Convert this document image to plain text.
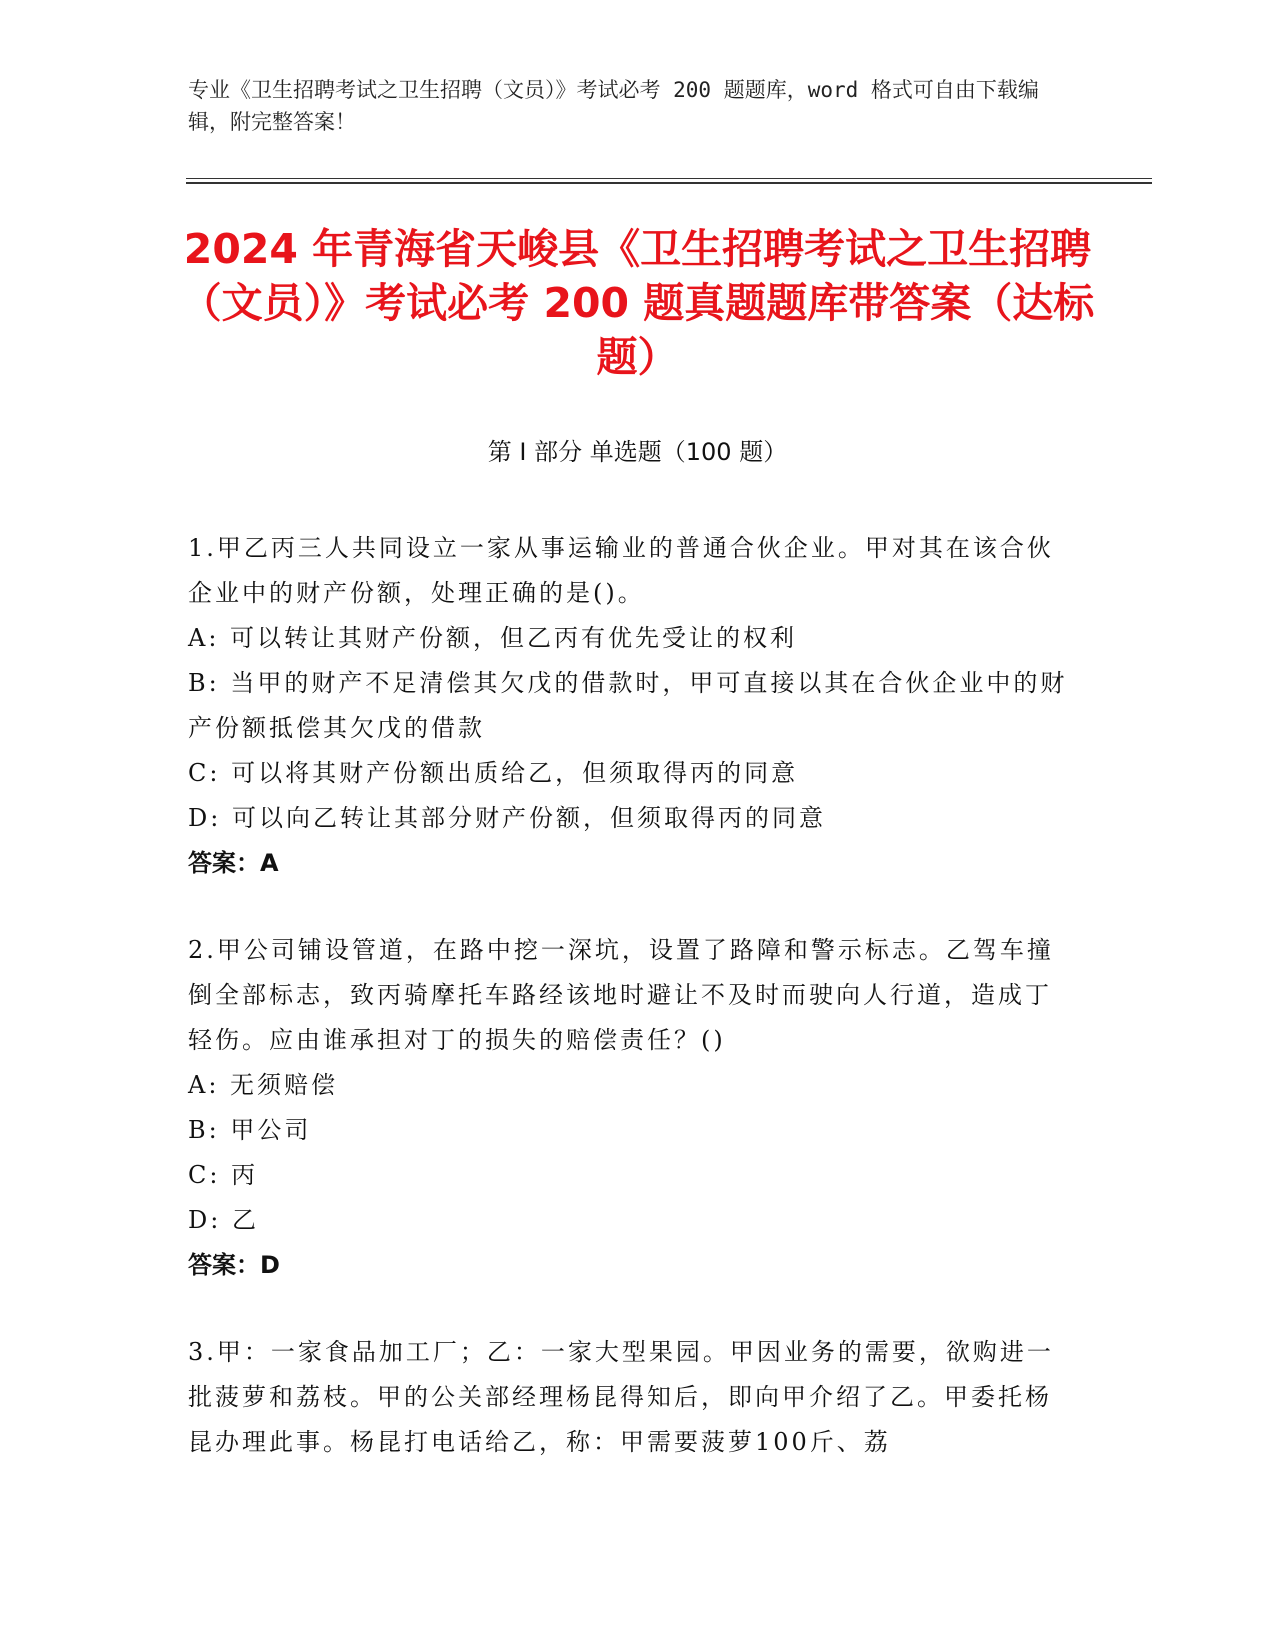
专业《卫生招聘考试之卫生招聘（文员）》考试必考 200 题题库，word 格式可自由下载编辑，附完整答案！
2024 年青海省天峻县《卫生招聘考试之卫生招聘（文员）》考试必考 200 题真题题库带答案（达标题）
第 I 部分 单选题（100 题）
1.甲乙丙三人共同设立一家从事运输业的普通合伙企业。甲对其在该合伙企业中的财产份额，处理正确的是()。
A: 可以转让其财产份额，但乙丙有优先受让的权利
B: 当甲的财产不足清偿其欠戊的借款时，甲可直接以其在合伙企业中的财产份额抵偿其欠戊的借款
C: 可以将其财产份额出质给乙，但须取得丙的同意
D: 可以向乙转让其部分财产份额，但须取得丙的同意
答案：A
2.甲公司铺设管道，在路中挖一深坑，设置了路障和警示标志。乙驾车撞倒全部标志，致丙骑摩托车路经该地时避让不及时而驶向人行道，造成丁轻伤。应由谁承担对丁的损失的赔偿责任？()
A: 无须赔偿
B: 甲公司
C: 丙
D: 乙
答案：D
3.甲：一家食品加工厂；乙：一家大型果园。甲因业务的需要，欲购进一批菠萝和荔枝。甲的公关部经理杨昆得知后，即向甲介绍了乙。甲委托杨昆办理此事。杨昆打电话给乙，称：甲需要菠萝100斤、荔
